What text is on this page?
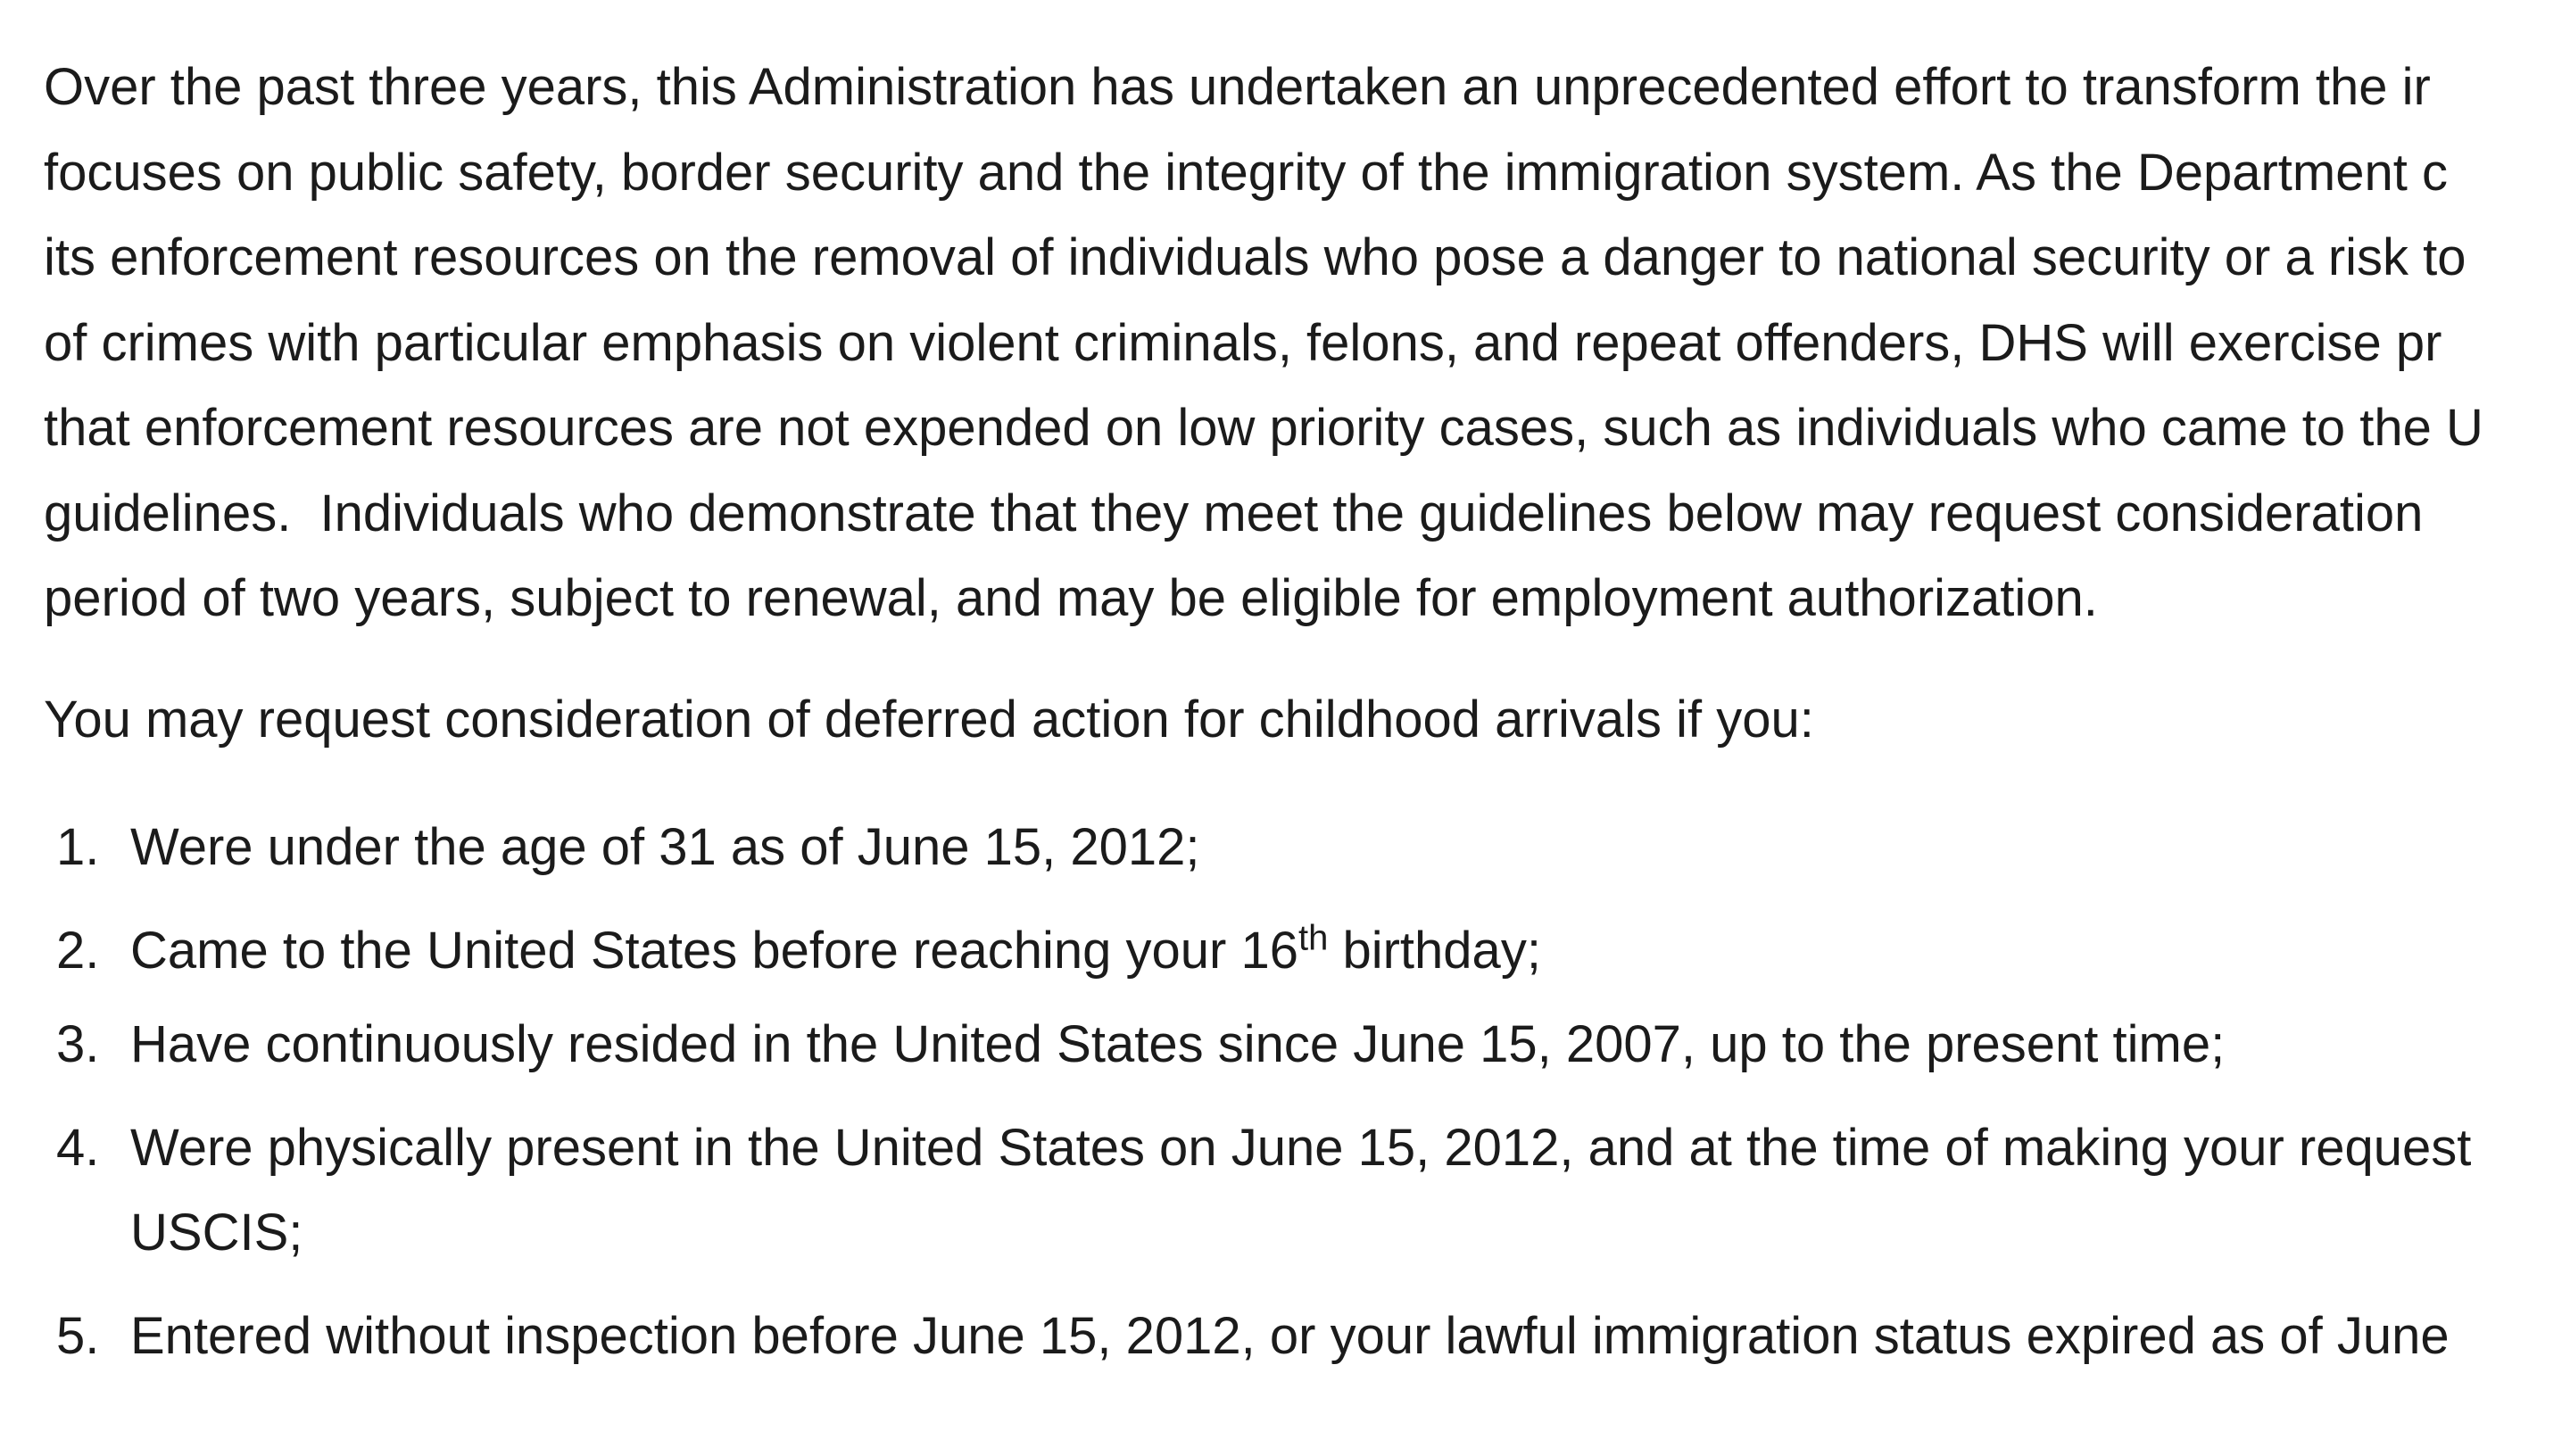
Over the past three years, this Administration has undertaken an unprecedented effort to transform the ir
focuses on public safety, border security and the integrity of the immigration system. As the Department c
its enforcement resources on the removal of individuals who pose a danger to national security or a risk to
of crimes with particular emphasis on violent criminals, felons, and repeat offenders, DHS will exercise pr
that enforcement resources are not expended on low priority cases, such as individuals who came to the U
guidelines.  Individuals who demonstrate that they meet the guidelines below may request consideration
period of two years, subject to renewal, and may be eligible for employment authorization.

You may request consideration of deferred action for childhood arrivals if you:

1. Were under the age of 31 as of June 15, 2012;
2. Came to the United States before reaching your 16th birthday;
3. Have continuously resided in the United States since June 15, 2007, up to the present time;
4. Were physically present in the United States on June 15, 2012, and at the time of making your request
USCIS;
5. Entered without inspection before June 15, 2012, or your lawful immigration status expired as of June
